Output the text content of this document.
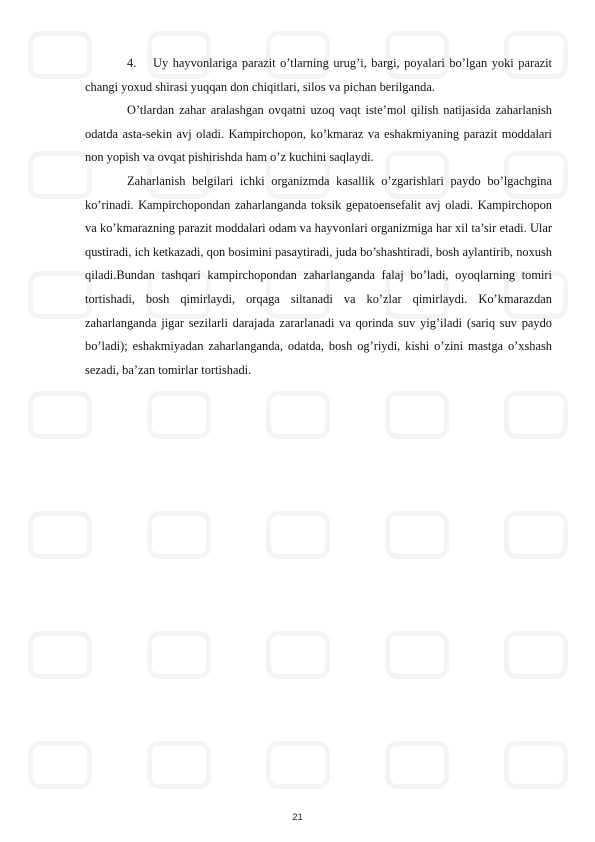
4. Uy hayvonlariga parazit o’tlarning urug’i, bargi, poyalari bo’lgan yoki parazit changi yoxud shirasi yuqqan don chiqitlari, silos va pichan berilganda.

O’tlardan zahar aralashgan ovqatni uzoq vaqt iste’mol qilish natijasida zaharlanish odatda asta-sekin avj oladi. Kampirchopon, ko’kmaraz va eshakmiyaning parazit moddalari non yopish va ovqat pishirishda ham o’z kuchini saqlaydi.

Zaharlanish belgilari ichki organizmda kasallik o’zgarishlari paydo bo’lgachgina ko’rinadi. Kampirchopondan zaharlanganda toksik gepatoensefalit avj oladi. Kampirchopon va ko’kmarazning parazit moddalari odam va hayvonlari organizmiga har xil ta’sir etadi. Ular qustiradi, ich ketkazadi, qon bosimini pasaytiradi, juda bo’shashtiradi, bosh aylantirib, noxush qiladi.Bundan tashqari kampirchopondan zaharlanganda falaj bo’ladi, oyoqlarning tomiri tortishadi, bosh qimirlaydi, orqaga siltanadi va ko’zlar qimirlaydi. Ko’kmarazdan zaharlanganda jigar sezilarli darajada zararlanadi va qorinda suv yig’iladi (sariq suv paydo bo’ladi); eshakmiyadan zaharlanganda, odatda, bosh og’riydi, kishi o’zini mastga o’xshash sezadi, ba’zan tomirlar tortishadi.

21
